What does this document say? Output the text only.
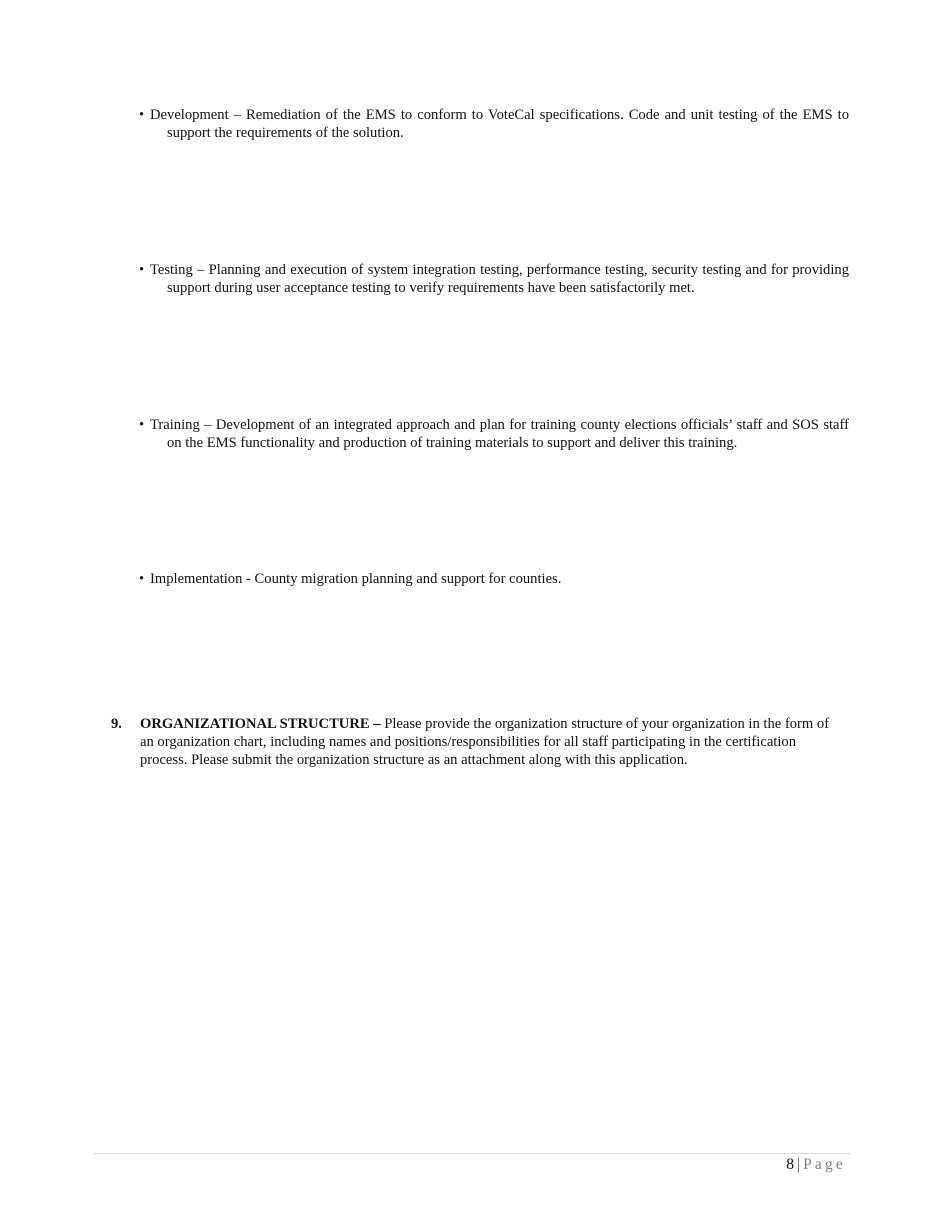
• Development – Remediation of the EMS to conform to VoteCal specifications. Code and unit testing of the EMS to support the requirements of the solution.
• Testing – Planning and execution of system integration testing, performance testing, security testing and for providing support during user acceptance testing to verify requirements have been satisfactorily met.
• Training – Development of an integrated approach and plan for training county elections officials’ staff and SOS staff on the EMS functionality and production of training materials to support and deliver this training.
• Implementation - County migration planning and support for counties.
9. ORGANIZATIONAL STRUCTURE – Please provide the organization structure of your organization in the form of an organization chart, including names and positions/responsibilities for all staff participating in the certification process. Please submit the organization structure as an attachment along with this application.
8 | Page
